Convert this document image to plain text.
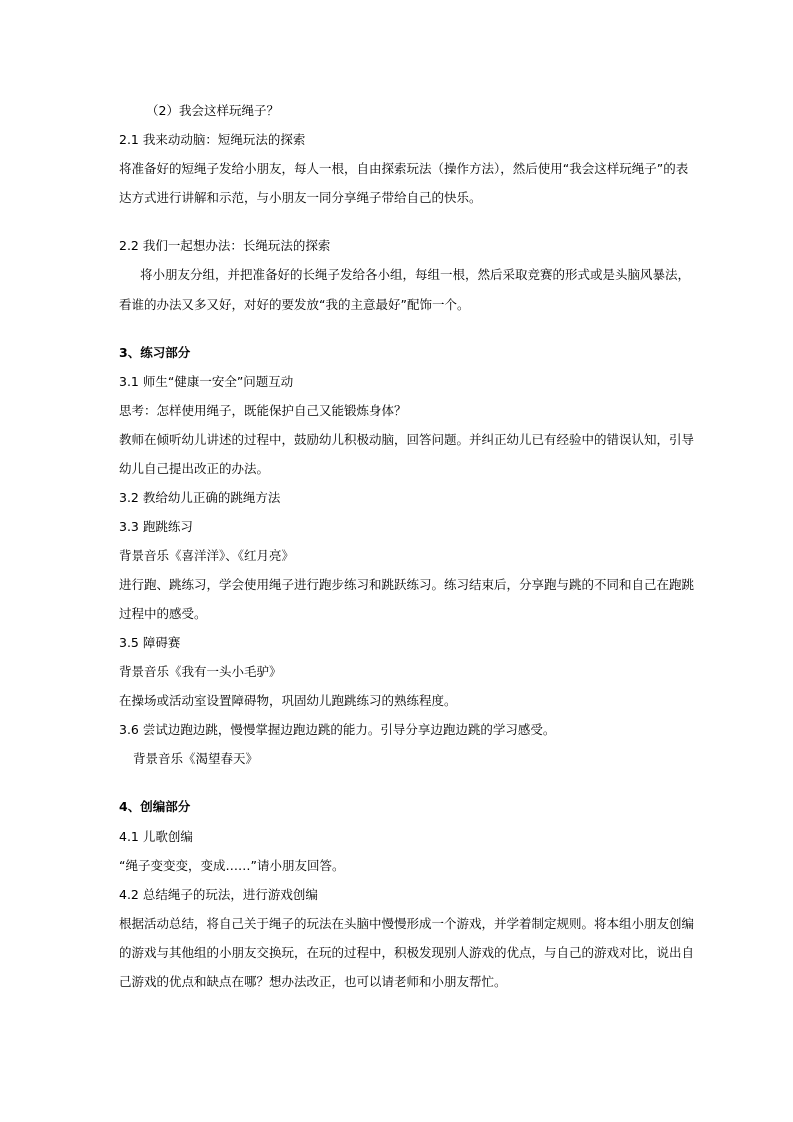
（2）我会这样玩绳子？
2.1 我来动动脑：短绳玩法的探索
将准备好的短绳子发给小朋友，每人一根，自由探索玩法（操作方法），然后使用“我会这样玩绳子”的表
达方式进行讲解和示范，与小朋友一同分享绳子带给自己的快乐。
2.2 我们一起想办法：长绳玩法的探索
将小朋友分组，并把准备好的长绳子发给各小组，每组一根，然后采取竞赛的形式或是头脑风暴法，
看谁的办法又多又好，对好的要发放“我的主意最好”配饰一个。
3、练习部分
3.1 师生“健康一安全”问题互动
思考：怎样使用绳子，既能保护自己又能锻炼身体？
教师在倾听幼儿讲述的过程中，鼓励幼儿积极动脑，回答问题。并纠正幼儿已有经验中的错误认知，引导
幼儿自己提出改正的办法。
3.2 教给幼儿正确的跳绳方法
3.3 跑跳练习
背景音乐《喜洋洋》、《红月亮》
进行跑、跳练习，学会使用绳子进行跑步练习和跳跃练习。练习结束后，分享跑与跳的不同和自己在跑跳
过程中的感受。
3.5 障碍赛
背景音乐《我有一头小毛驴》
在操场或活动室设置障碍物，巩固幼儿跑跳练习的熟练程度。
3.6 尝试边跑边跳，慢慢掌握边跑边跳的能力。引导分享边跑边跳的学习感受。
背景音乐《渴望春天》
4、创编部分
4.1 儿歌创编
“绳子变变变，变成……”请小朋友回答。
4.2 总结绳子的玩法，进行游戏创编
根据活动总结，将自己关于绳子的玩法在头脑中慢慢形成一个游戏，并学着制定规则。将本组小朋友创编
的游戏与其他组的小朋友交换玩，在玩的过程中，积极发现别人游戏的优点，与自己的游戏对比，说出自
己游戏的优点和缺点在哪？想办法改正，也可以请老师和小朋友帮忙。
